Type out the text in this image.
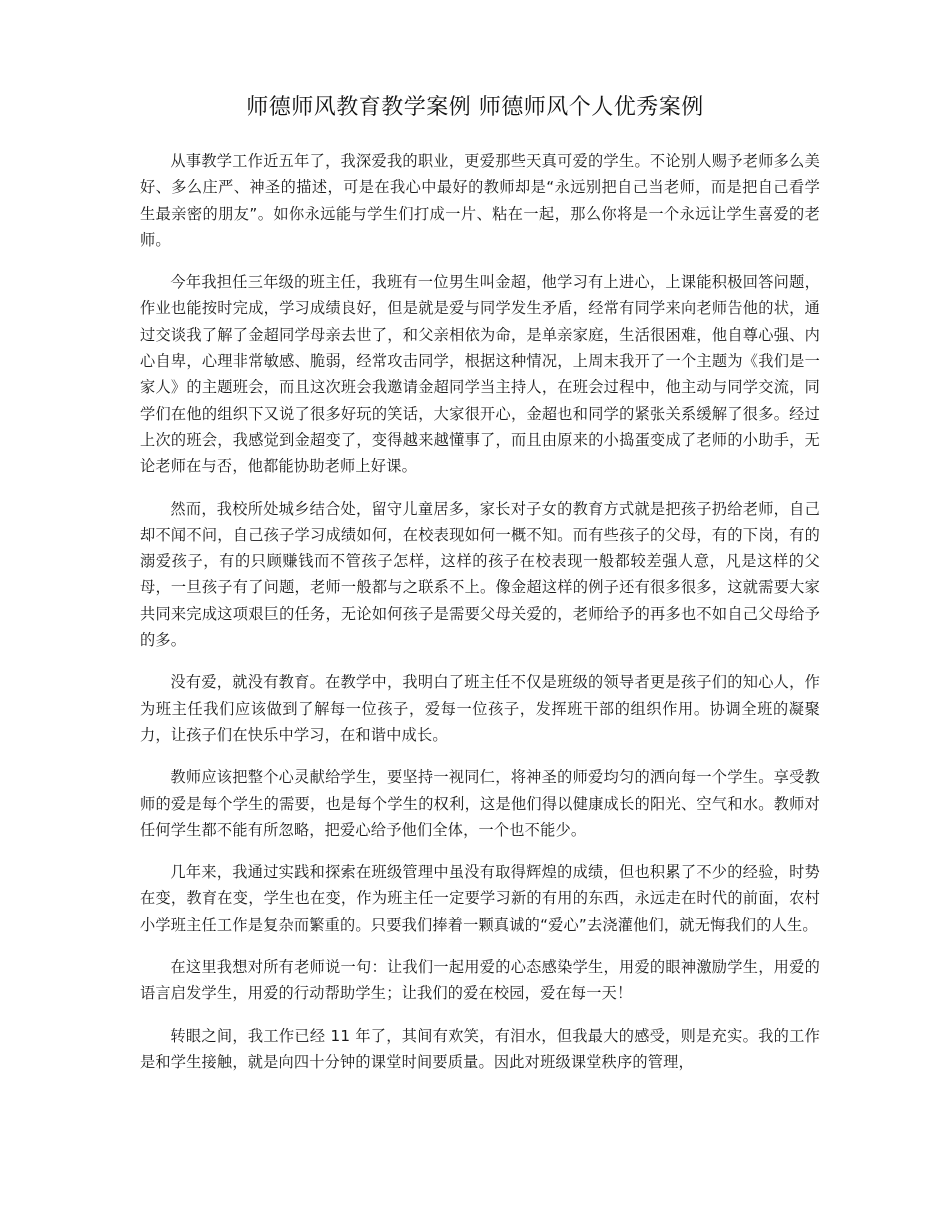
师德师风教育教学案例 师德师风个人优秀案例

从事教学工作近五年了，我深爱我的职业，更爱那些天真可爱的学生。不论别人赐予老师多么美好、多么庄严、神圣的描述，可是在我心中最好的教师却是“永远别把自己当老师，而是把自己看学生最亲密的朋友”。如你永远能与学生们打成一片、粘在一起，那么你将是一个永远让学生喜爱的老师。

今年我担任三年级的班主任，我班有一位男生叫金超，他学习有上进心，上课能积极回答问题，作业也能按时完成，学习成绩良好，但是就是爱与同学发生矛盾，经常有同学来向老师告他的状，通过交谈我了解了金超同学母亲去世了，和父亲相依为命，是单亲家庭，生活很困难，他自尊心强、内心自卑，心理非常敏感、脆弱，经常攻击同学，根据这种情况，上周末我开了一个主题为《我们是一家人》的主题班会，而且这次班会我邀请金超同学当主持人，在班会过程中，他主动与同学交流，同学们在他的组织下又说了很多好玩的笑话，大家很开心，金超也和同学的紧张关系缓解了很多。经过上次的班会，我感觉到金超变了，变得越来越懂事了，而且由原来的小捣蛋变成了老师的小助手，无论老师在与否，他都能协助老师上好课。

然而，我校所处城乡结合处，留守儿童居多，家长对子女的教育方式就是把孩子扔给老师，自己却不闻不问，自己孩子学习成绩如何，在校表现如何一概不知。而有些孩子的父母，有的下岗，有的溺爱孩子，有的只顾赚钱而不管孩子怎样，这样的孩子在校表现一般都较差强人意，凡是这样的父母，一旦孩子有了问题，老师一般都与之联系不上。像金超这样的例子还有很多很多，这就需要大家共同来完成这项艰巨的任务，无论如何孩子是需要父母关爱的，老师给予的再多也不如自己父母给予的多。

没有爱，就没有教育。在教学中，我明白了班主任不仅是班级的领导者更是孩子们的知心人，作为班主任我们应该做到了解每一位孩子，爱每一位孩子，发挥班干部的组织作用。协调全班的凝聚力，让孩子们在快乐中学习，在和谐中成长。

教师应该把整个心灵献给学生，要坚持一视同仁，将神圣的师爱均匀的洒向每一个学生。享受教师的爱是每个学生的需要，也是每个学生的权利，这是他们得以健康成长的阳光、空气和水。教师对任何学生都不能有所忽略，把爱心给予他们全体，一个也不能少。

几年来，我通过实践和探索在班级管理中虽没有取得辉煌的成绩，但也积累了不少的经验，时势在变，教育在变，学生也在变，作为班主任一定要学习新的有用的东西，永远走在时代的前面，农村小学班主任工作是复杂而繁重的。只要我们捧着一颗真诚的“爱心”去浇灌他们，就无悔我们的人生。

在这里我想对所有老师说一句：让我们一起用爱的心态感染学生，用爱的眼神激励学生，用爱的语言启发学生，用爱的行动帮助学生；让我们的爱在校园，爱在每一天！

转眼之间，我工作已经 11 年了，其间有欢笑，有泪水，但我最大的感受，则是充实。我的工作是和学生接触，就是向四十分钟的课堂时间要质量。因此对班级课堂秩序的管理，
